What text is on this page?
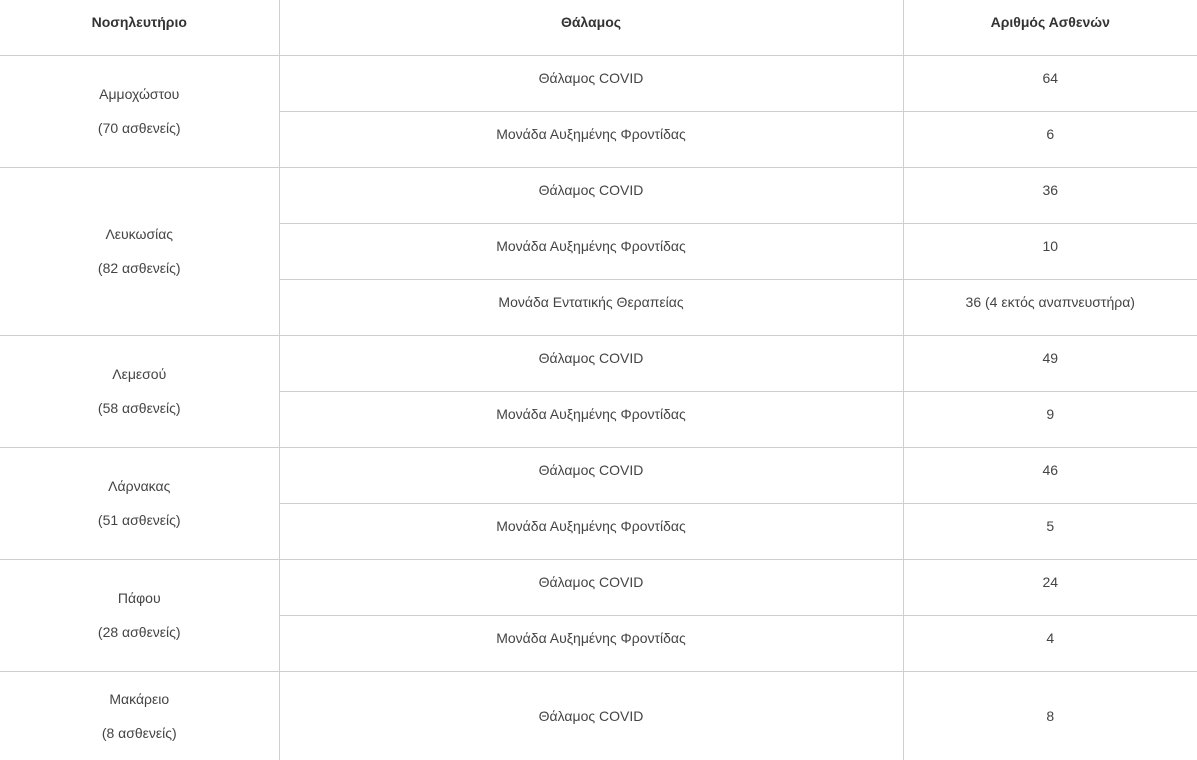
Νοσηλευτήριο	Θάλαμος	Αριθμός Ασθενών

Αμμοχώστου
(70 ασθενείς)	Θάλαμος COVID	64

	Μονάδα Αυξημένης Φροντίδας	6

Λευκωσίας
(82 ασθενείς)	Θάλαμος COVID	36

	Μονάδα Αυξημένης Φροντίδας	10

	Μονάδα Εντατικής Θεραπείας	36 (4 εκτός αναπνευστήρα)

Λεμεσού
(58 ασθενείς)	Θάλαμος COVID	49

	Μονάδα Αυξημένης Φροντίδας	9

Λάρνακας
(51 ασθενείς)	Θάλαμος COVID	46

	Μονάδα Αυξημένης Φροντίδας	5

Πάφου
(28 ασθενείς)	Θάλαμος COVID	24

	Μονάδα Αυξημένης Φροντίδας	4

Μακάρειο
(8 ασθενείς)	Θάλαμος COVID	8
